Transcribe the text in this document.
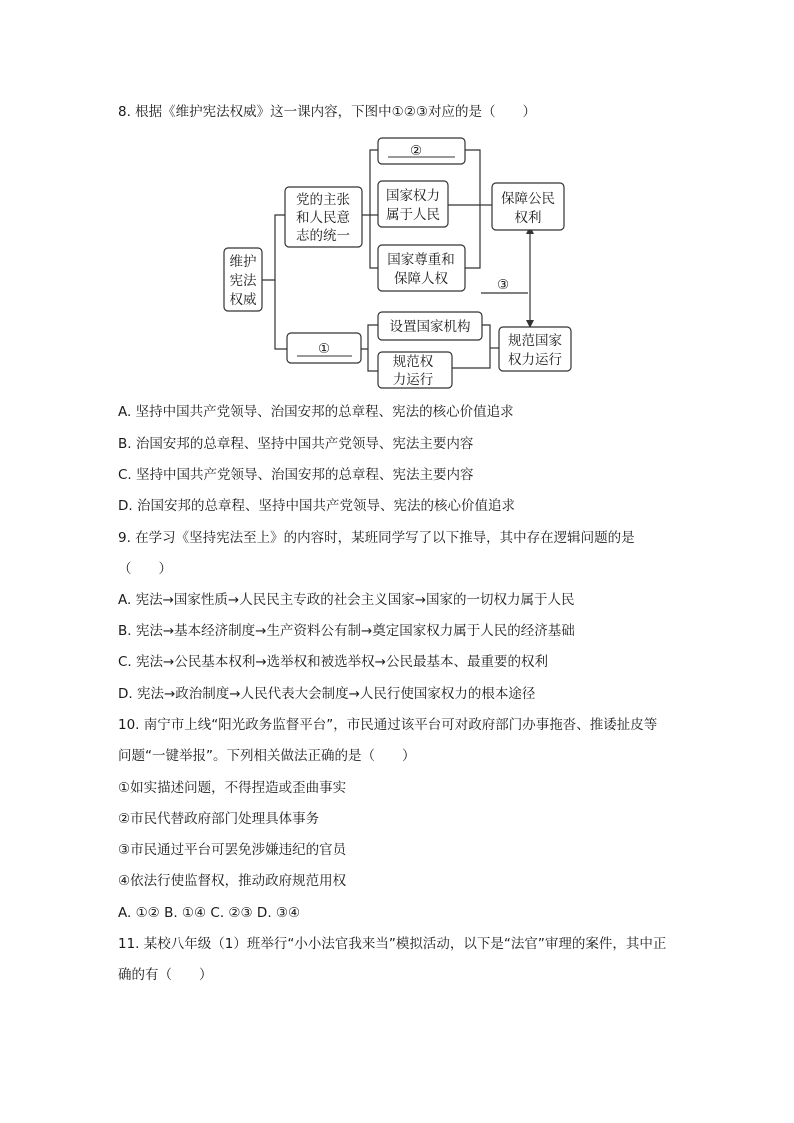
8. 根据《维护宪法权威》这一课内容，下图中①②③对应的是（　　）
维护
宪法
权威
党的主张
和人民意
志的统一
①
②
国家权力
属于人民
国家尊重和
保障人权
设置国家机构
规范权
力运行
保障公民
权利
规范国家
权力运行
③
A. 坚持中国共产党领导、治国安邦的总章程、宪法的核心价值追求
B. 治国安邦的总章程、坚持中国共产党领导、宪法主要内容
C. 坚持中国共产党领导、治国安邦的总章程、宪法主要内容
D. 治国安邦的总章程、坚持中国共产党领导、宪法的核心价值追求
9. 在学习《坚持宪法至上》的内容时，某班同学写了以下推导，其中存在逻辑问题的是
（　　）
A. 宪法→国家性质→人民民主专政的社会主义国家→国家的一切权力属于人民
B. 宪法→基本经济制度→生产资料公有制→奠定国家权力属于人民的经济基础
C. 宪法→公民基本权利→选举权和被选举权→公民最基本、最重要的权利
D. 宪法→政治制度→人民代表大会制度→人民行使国家权力的根本途径
10. 南宁市上线“阳光政务监督平台”，市民通过该平台可对政府部门办事拖沓、推诿扯皮等
问题“一键举报”。下列相关做法正确的是（　　）
①如实描述问题，不得捏造或歪曲事实
②市民代替政府部门处理具体事务
③市民通过平台可罢免涉嫌违纪的官员
④依法行使监督权，推动政府规范用权
A. ①② B. ①④ C. ②③ D. ③④
11. 某校八年级（1）班举行“小小法官我来当”模拟活动，以下是“法官”审理的案件，其中正
确的有（　　）
